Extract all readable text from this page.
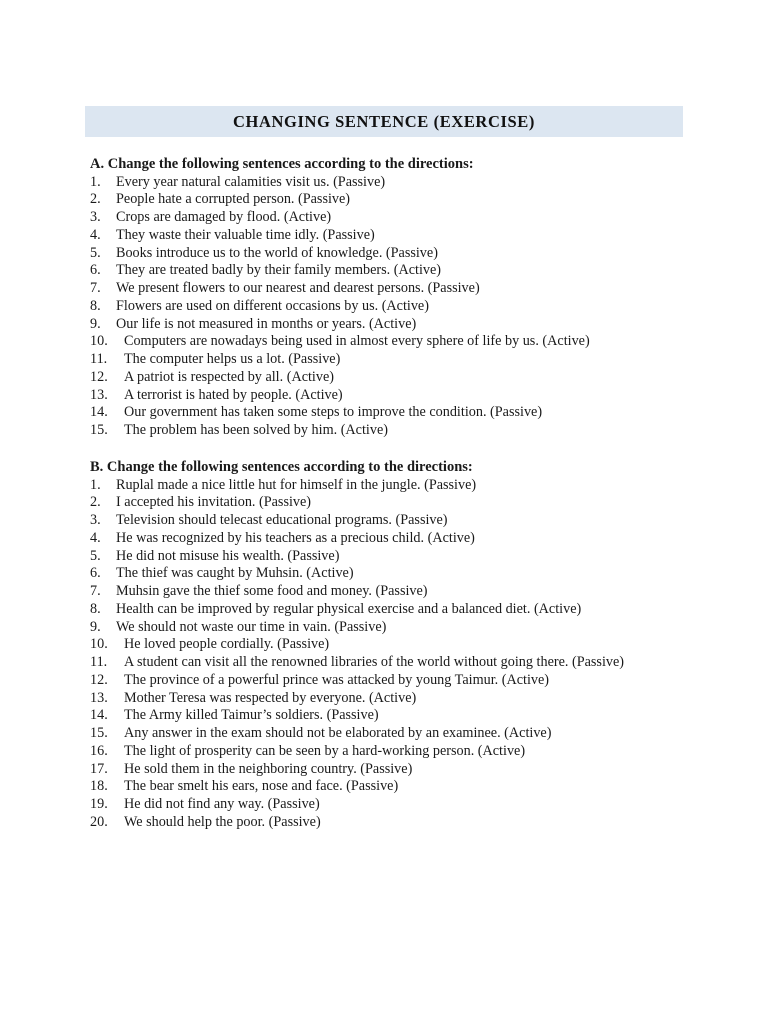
CHANGING SENTENCE (EXERCISE)
A. Change the following sentences according to the directions:
1.	Every year natural calamities visit us. (Passive)
2.	People hate a corrupted person. (Passive)
3.	Crops are damaged by flood. (Active)
4.	They waste their valuable time idly. (Passive)
5.	Books introduce us to the world of knowledge. (Passive)
6.	They are treated badly by their family members. (Active)
7.	We present flowers to our nearest and dearest persons. (Passive)
8.	Flowers are used on different occasions by us. (Active)
9.	Our life is not measured in months or years. (Active)
10.	Computers are nowadays being used in almost every sphere of life by us. (Active)
11.	The computer helps us a lot. (Passive)
12.	A patriot is respected by all. (Active)
13.	A terrorist is hated by people. (Active)
14.	Our government has taken some steps to improve the condition. (Passive)
15.	The problem has been solved by him. (Active)
B. Change the following sentences according to the directions:
1.	Ruplal made a nice little hut for himself in the jungle. (Passive)
2.	I accepted his invitation. (Passive)
3.	Television should telecast educational programs. (Passive)
4.	He was recognized by his teachers as a precious child. (Active)
5.	He did not misuse his wealth. (Passive)
6.	The thief was caught by Muhsin. (Active)
7.	Muhsin gave the thief some food and money. (Passive)
8.	Health can be improved by regular physical exercise and a balanced diet. (Active)
9.	We should not waste our time in vain. (Passive)
10.	He loved people cordially. (Passive)
11.	A student can visit all the renowned libraries of the world without going there. (Passive)
12.	The province of a powerful prince was attacked by young Taimur. (Active)
13.	Mother Teresa was respected by everyone. (Active)
14.	The Army killed Taimur’s soldiers. (Passive)
15.	Any answer in the exam should not be elaborated by an examinee. (Active)
16.	The light of prosperity can be seen by a hard-working person. (Active)
17.	He sold them in the neighboring country. (Passive)
18.	The bear smelt his ears, nose and face. (Passive)
19.	He did not find any way. (Passive)
20.	We should help the poor. (Passive)
